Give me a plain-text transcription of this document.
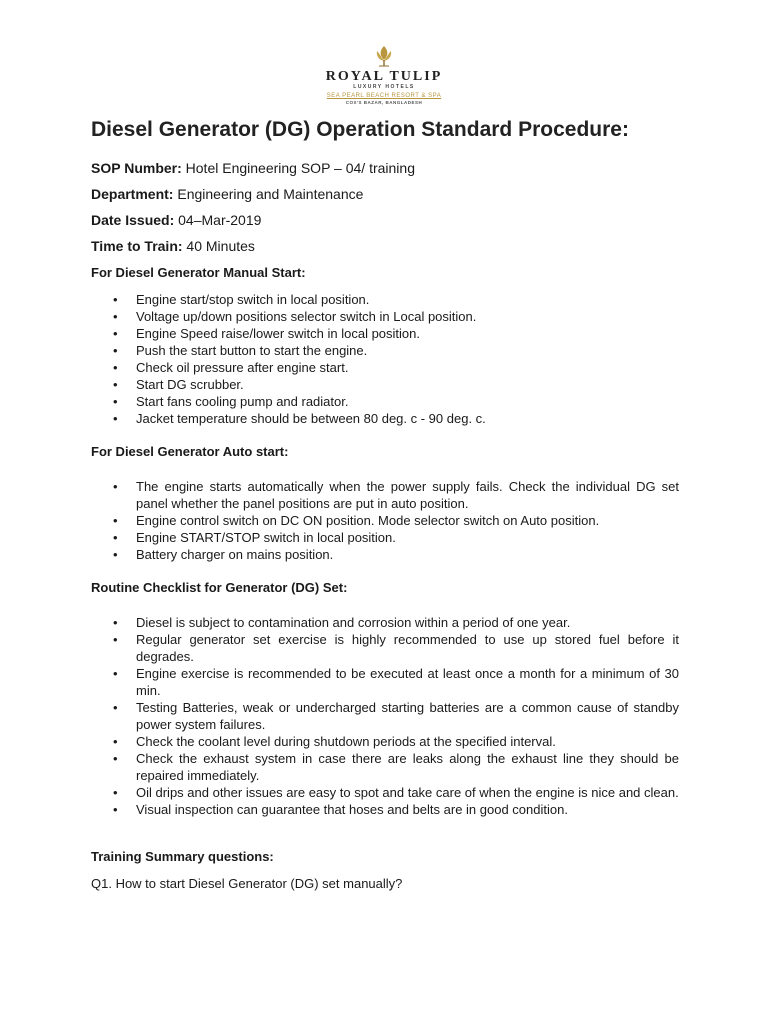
ROYAL TULIP
LUXURY HOTELS
SEA PEARL BEACH RESORT & SPA
COX'S BAZAR, BANGLADESH
Diesel Generator (DG) Operation Standard Procedure:

SOP Number: Hotel Engineering SOP – 04/ training

Department: Engineering and Maintenance

Date Issued: 04–Mar-2019

Time to Train: 40 Minutes

For Diesel Generator Manual Start:

• Engine start/stop switch in local position.
• Voltage up/down positions selector switch in Local position.
• Engine Speed raise/lower switch in local position.
• Push the start button to start the engine.
• Check oil pressure after engine start.
• Start DG scrubber.
• Start fans cooling pump and radiator.
• Jacket temperature should be between 80 deg. c - 90 deg. c.

For Diesel Generator Auto start:

• The engine starts automatically when the power supply fails. Check the individual DG set panel whether the panel positions are put in auto position.
• Engine control switch on DC ON position. Mode selector switch on Auto position.
• Engine START/STOP switch in local position.
• Battery charger on mains position.

Routine Checklist for Generator (DG) Set:

• Diesel is subject to contamination and corrosion within a period of one year.
• Regular generator set exercise is highly recommended to use up stored fuel before it degrades.
• Engine exercise is recommended to be executed at least once a month for a minimum of 30 min.
• Testing Batteries, weak or undercharged starting batteries are a common cause of standby power system failures.
• Check the coolant level during shutdown periods at the specified interval.
• Check the exhaust system in case there are leaks along the exhaust line they should be repaired immediately.
• Oil drips and other issues are easy to spot and take care of when the engine is nice and clean.
• Visual inspection can guarantee that hoses and belts are in good condition.

Training Summary questions:

Q1. How to start Diesel Generator (DG) set manually?
